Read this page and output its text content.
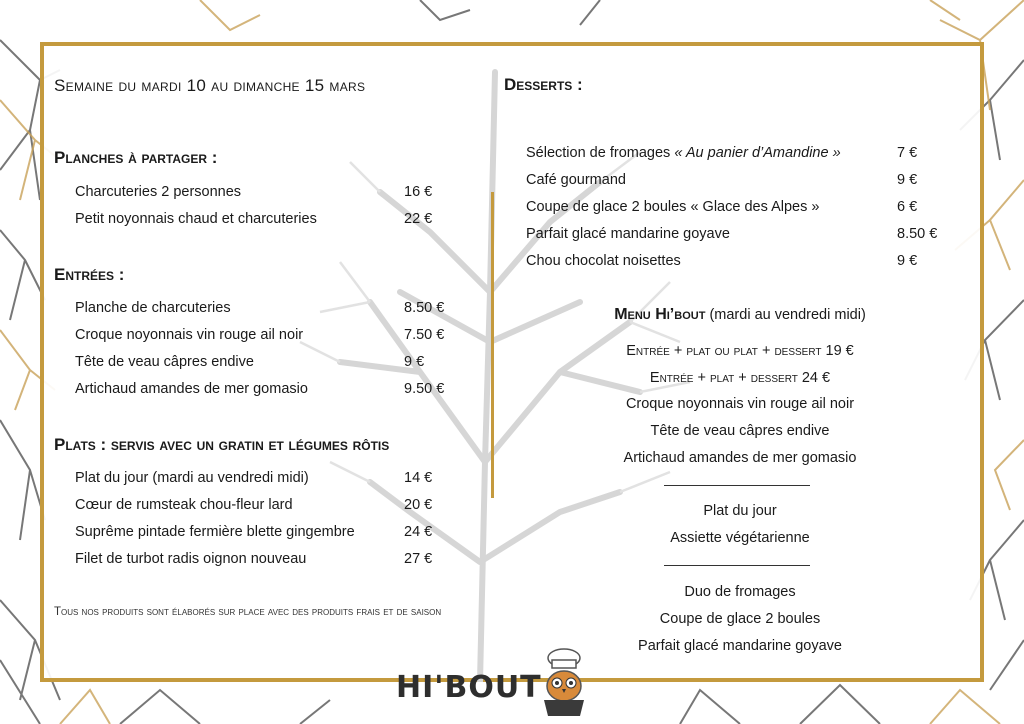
Semaine du mardi 10 au dimanche 15 mars
Planches à partager :
Charcuteries 2 personnes	16 €
Petit noyonnais chaud et charcuteries	22 €
Entrées :
Planche de charcuteries	8.50 €
Croque noyonnais vin rouge ail noir	7.50 €
Tête de veau câpres endive	9 €
Artichaud amandes de mer gomasio	9.50 €
Plats : servis avec un gratin et légumes rôtis
Plat du jour (mardi au vendredi midi)	14 €
Cœur de rumsteak chou-fleur lard	20 €
Suprême pintade fermière blette gingembre	24 €
Filet de turbot radis oignon nouveau	27 €
Tous nos produits sont élaborés sur place avec des produits frais et de saison
Desserts :
Sélection de fromages « Au panier d’Amandine »	7 €
Café gourmand	9 €
Coupe de glace 2 boules « Glace des Alpes »	6 €
Parfait glacé mandarine goyave	8.50 €
Chou chocolat noisettes	9 €
Menu Hi’bout (mardi au vendredi midi)
Entrée + plat ou plat + dessert 19 €
Entrée + plat + dessert 24 €
Croque noyonnais vin rouge ail noir
Tête de veau câpres endive
Artichaud amandes de mer gomasio
Plat du jour
Assiette végétarienne
Duo de fromages
Coupe de glace 2 boules
Parfait glacé mandarine goyave
HI'BOUT
